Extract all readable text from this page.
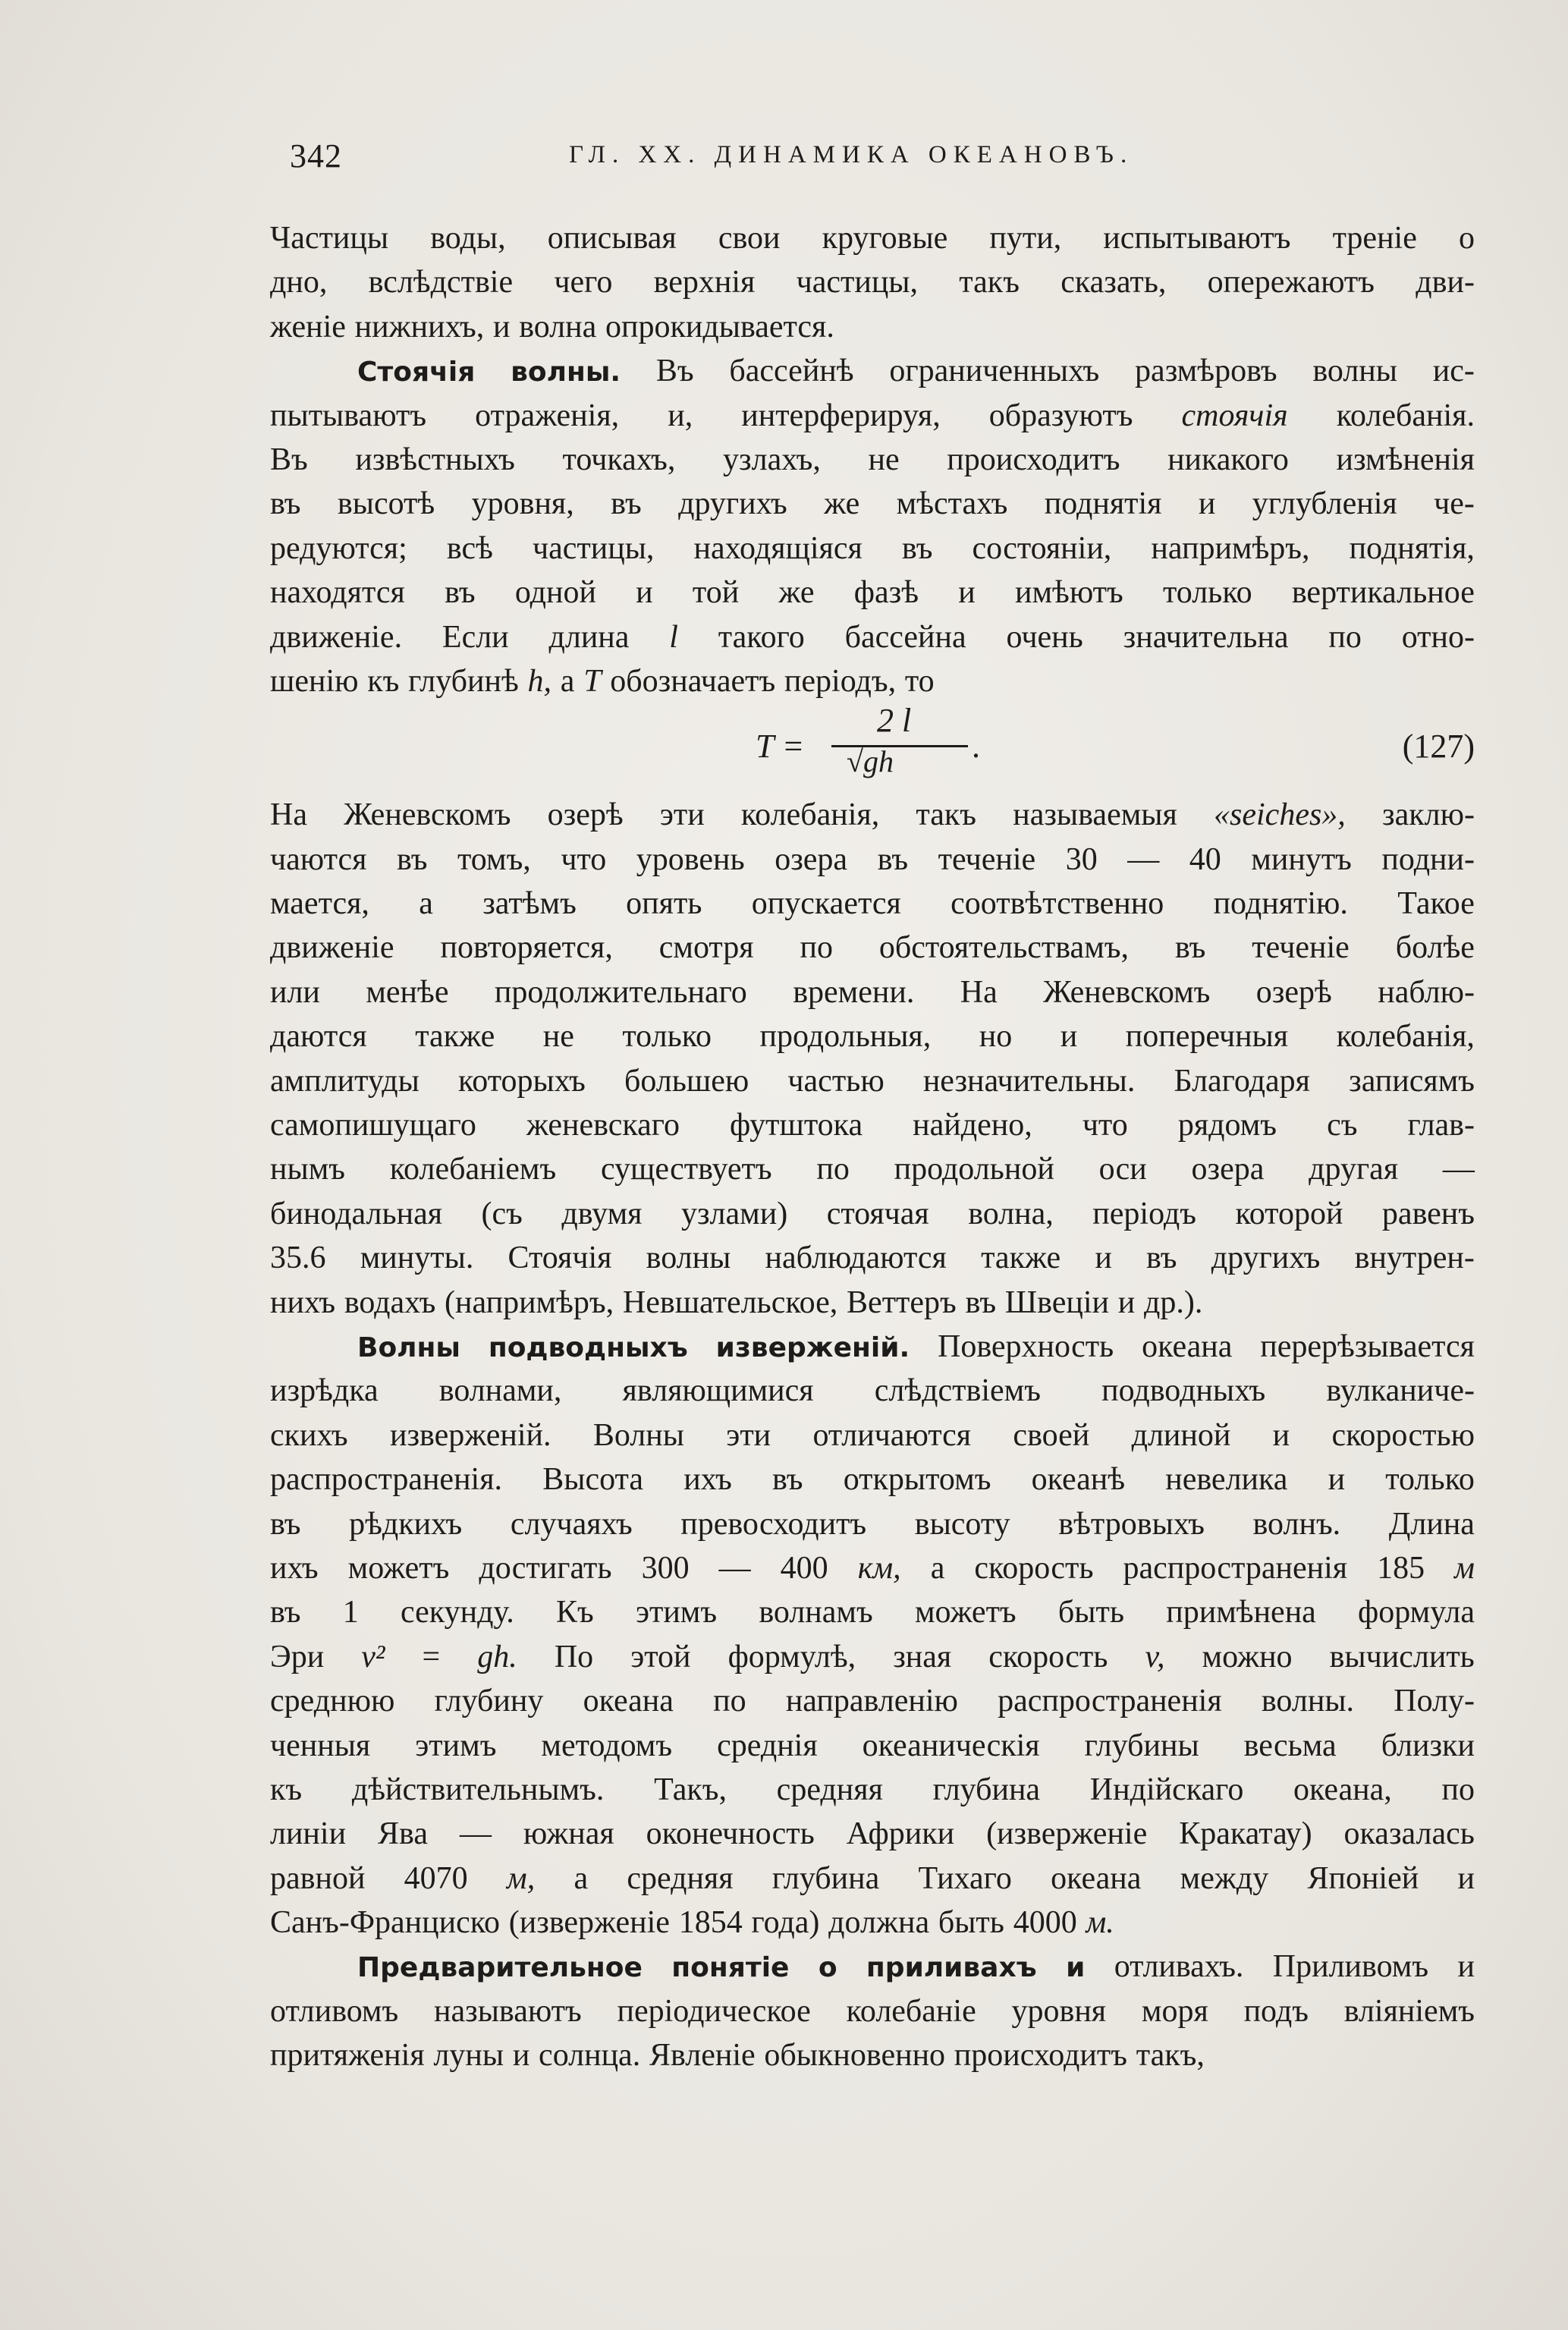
342	ГЛ. XX. ДИНАМИКА ОКЕАНОВЪ.
Частицы воды, описывая свои круговые пути, испытываютъ треніе о
дно, вслѣдствіе чего верхнія частицы, такъ сказать, опережаютъ дви-
женіе нижнихъ, и волна опрокидывается.
Стоячія волны. Въ бассейнѣ ограниченныхъ размѣровъ волны ис-
пытываютъ отраженія, и, интерферируя, образуютъ стоячія колебанія.
Въ извѣстныхъ точкахъ, узлахъ, не происходитъ никакого измѣненія
въ высотѣ уровня, въ другихъ же мѣстахъ поднятія и углубленія че-
редуются; всѣ частицы, находящіяся въ состояніи, напримѣръ, поднятія,
находятся въ одной и той же фазѣ и имѣютъ только вертикальное
движеніе. Если длина l такого бассейна очень значительна по отно-
шенію къ глубинѣ h, а T обозначаетъ періодъ, то
T =
2 l
√gh .	(127)
На Женевскомъ озерѣ эти колебанія, такъ называемыя «seiches», заклю-
чаются въ томъ, что уровень озера въ теченіе 30 — 40 минутъ подни-
мается, а затѣмъ опять опускается соотвѣтственно поднятію. Такое
движеніе повторяется, смотря по обстоятельствамъ, въ теченіе болѣе
или менѣе продолжительнаго времени. На Женевскомъ озерѣ наблю-
даются также не только продольныя, но и поперечныя колебанія,
амплитуды которыхъ большею частью незначительны. Благодаря записямъ
самопишущаго женевскаго футштока найдено, что рядомъ съ глав-
нымъ колебаніемъ существуетъ по продольной оси озера другая —
бинодальная (съ двумя узлами) стоячая волна, періодъ которой равенъ
35.6 минуты. Стоячія волны наблюдаются также и въ другихъ внутрен-
нихъ водахъ (напримѣръ, Невшательское, Веттеръ въ Швеціи и др.).
Волны подводныхъ изверженій. Поверхность океана перерѣзывается
изрѣдка волнами, являющимися слѣдствіемъ подводныхъ вулканиче-
скихъ изверженій. Волны эти отличаются своей длиной и скоростью
распространенія. Высота ихъ въ открытомъ океанѣ невелика и только
въ рѣдкихъ случаяхъ превосходитъ высоту вѣтровыхъ волнъ. Длина
ихъ можетъ достигать 300 — 400 км, а скорость распространенія 185 м
въ 1 секунду. Къ этимъ волнамъ можетъ быть примѣнена формула
Эри v² = gh. По этой формулѣ, зная скорость v, можно вычислить
среднюю глубину океана по направленію распространенія волны. Полу-
ченныя этимъ методомъ среднія океаническія глубины весьма близки
къ дѣйствительнымъ. Такъ, средняя глубина Индійскаго океана, по
линіи Ява — южная оконечность Африки (изверженіе Кракатау) оказалась
равной 4070 м, а средняя глубина Тихаго океана между Японіей и
Санъ-Франциско (изверженіе 1854 года) должна быть 4000 м.
Предварительное понятіе о приливахъ и отливахъ. Приливомъ и
отливомъ называютъ періодическое колебаніе уровня моря подъ вліяніемъ
притяженія луны и солнца. Явленіе обыкновенно происходитъ такъ,
